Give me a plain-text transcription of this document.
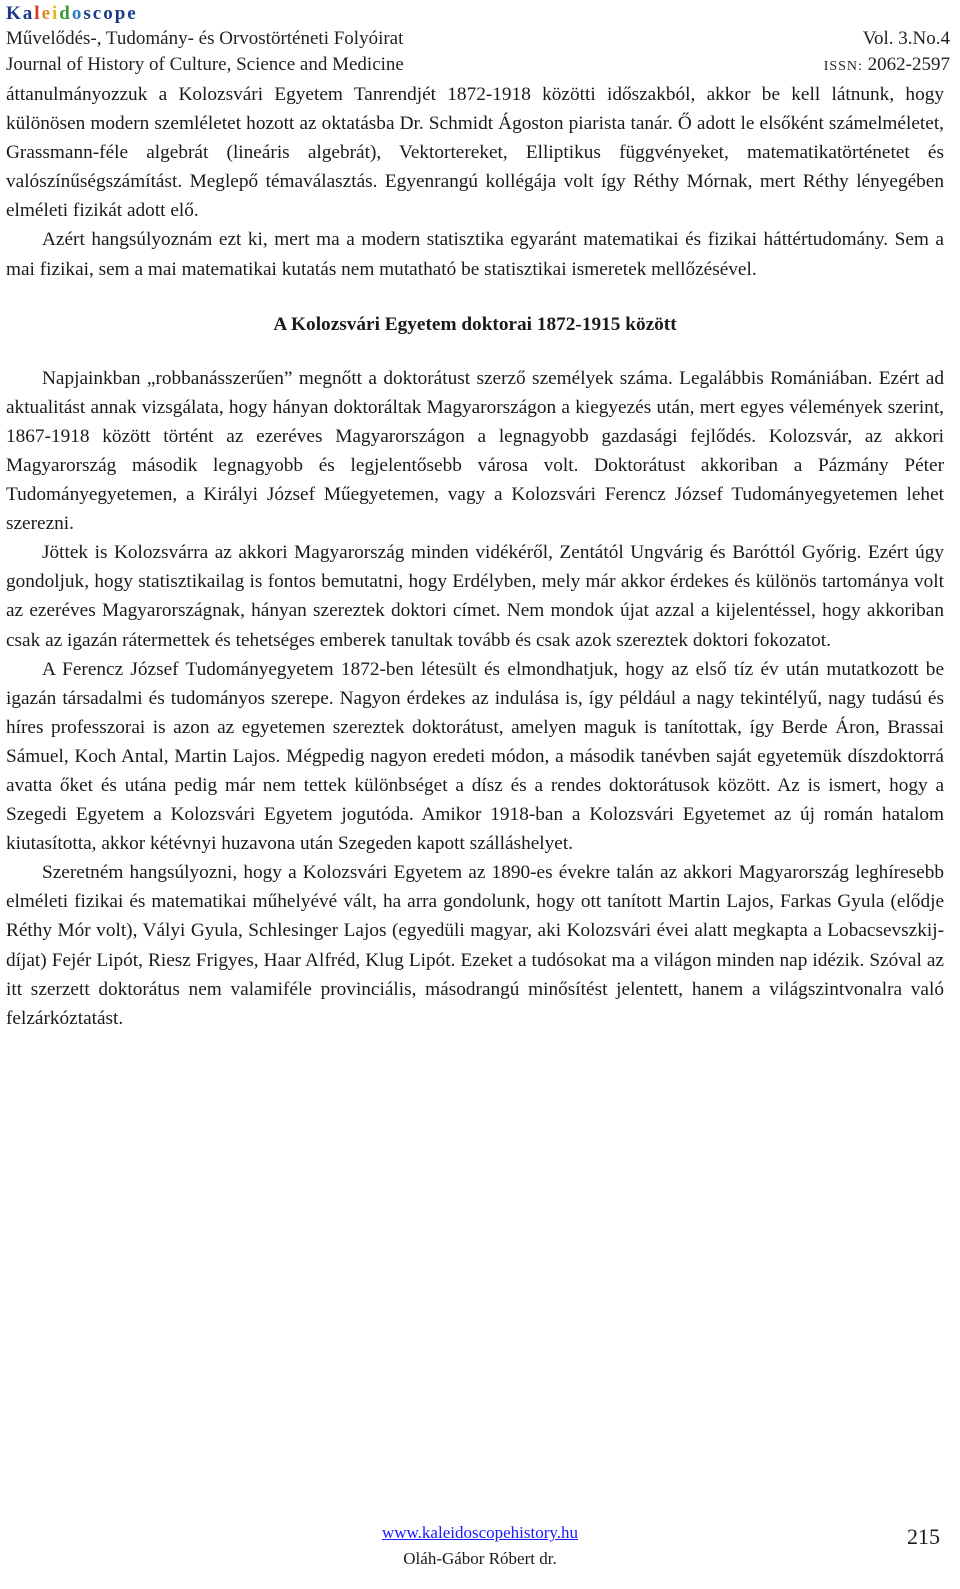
Kaleidoscope
Művelődés-, Tudomány- és Orvostörténeti Folyóirat	Vol. 3.No.4
Journal of History of Culture, Science and Medicine	ISSN: 2062-2597

áttanulmányozzuk a Kolozsvári Egyetem Tanrendjét 1872-1918 közötti időszakból, akkor be kell látnunk, hogy különösen modern szemléletet hozott az oktatásba Dr. Schmidt Ágoston piarista tanár. Ő adott le elsőként számelméletet, Grassmann-féle algebrát (lineáris algebrát), Vektortereket, Elliptikus függvényeket, matematikatörténetet és valószínűségszámítást. Meglepő témaválasztás. Egyenrangú kollégája volt így Réthy Mórnak, mert Réthy lényegében elméleti fizikát adott elő.

Azért hangsúlyoznám ezt ki, mert ma a modern statisztika egyaránt matematikai és fizikai háttértudomány. Sem a mai fizikai, sem a mai matematikai kutatás nem mutatható be statisztikai ismeretek mellőzésével.

A Kolozsvári Egyetem doktorai 1872-1915 között

Napjainkban „robbanásszerűen” megnőtt a doktorátust szerző személyek száma. Legalábbis Romániában. Ezért ad aktualitást annak vizsgálata, hogy hányan doktoráltak Magyarországon a kiegyezés után, mert egyes vélemények szerint, 1867-1918 között történt az ezeréves Magyarországon a legnagyobb gazdasági fejlődés. Kolozsvár, az akkori Magyarország második legnagyobb és legjelentősebb városa volt. Doktorátust akkoriban a Pázmány Péter Tudományegyetemen, a Királyi József Műegyetemen, vagy a Kolozsvári Ferencz József Tudományegyetemen lehet szerezni.

Jöttek is Kolozsvárra az akkori Magyarország minden vidékéről, Zentától Ungvárig és Baróttól Győrig. Ezért úgy gondoljuk, hogy statisztikailag is fontos bemutatni, hogy Erdélyben, mely már akkor érdekes és különös tartománya volt az ezeréves Magyarországnak, hányan szereztek doktori címet. Nem mondok újat azzal a kijelentéssel, hogy akkoriban csak az igazán rátermettek és tehetséges emberek tanultak tovább és csak azok szereztek doktori fokozatot.

A Ferencz József Tudományegyetem 1872-ben létesült és elmondhatjuk, hogy az első tíz év után mutatkozott be igazán társadalmi és tudományos szerepe. Nagyon érdekes az indulása is, így például a nagy tekintélyű, nagy tudású és híres professzorai is azon az egyetemen szereztek doktorátust, amelyen maguk is tanítottak, így Berde Áron, Brassai Sámuel, Koch Antal, Martin Lajos. Mégpedig nagyon eredeti módon, a második tanévben saját egyetemük díszdoktorrá avatta őket és utána pedig már nem tettek különbséget a dísz és a rendes doktorátusok között. Az is ismert, hogy a Szegedi Egyetem a Kolozsvári Egyetem jogutóda. Amikor 1918-ban a Kolozsvári Egyetemet az új román hatalom kiutasította, akkor kétévnyi huzavona után Szegeden kapott szálláshelyet.

Szeretném hangsúlyozni, hogy a Kolozsvári Egyetem az 1890-es évekre talán az akkori Magyarország leghíresebb elméleti fizikai és matematikai műhelyévé vált, ha arra gondolunk, hogy ott tanított Martin Lajos, Farkas Gyula (elődje Réthy Mór volt), Vályi Gyula, Schlesinger Lajos (egyedüli magyar, aki Kolozsvári évei alatt megkapta a Lobacsevszkij-díjat) Fejér Lipót, Riesz Frigyes, Haar Alfréd, Klug Lipót. Ezeket a tudósokat ma a világon minden nap idézik. Szóval az itt szerzett doktorátus nem valamiféle provinciális, másodrangú minősítést jelentett, hanem a világszintvonalra való felzárkóztatást.

www.kaleidoscopehistory.hu
Oláh-Gábor Róbert dr.
215
